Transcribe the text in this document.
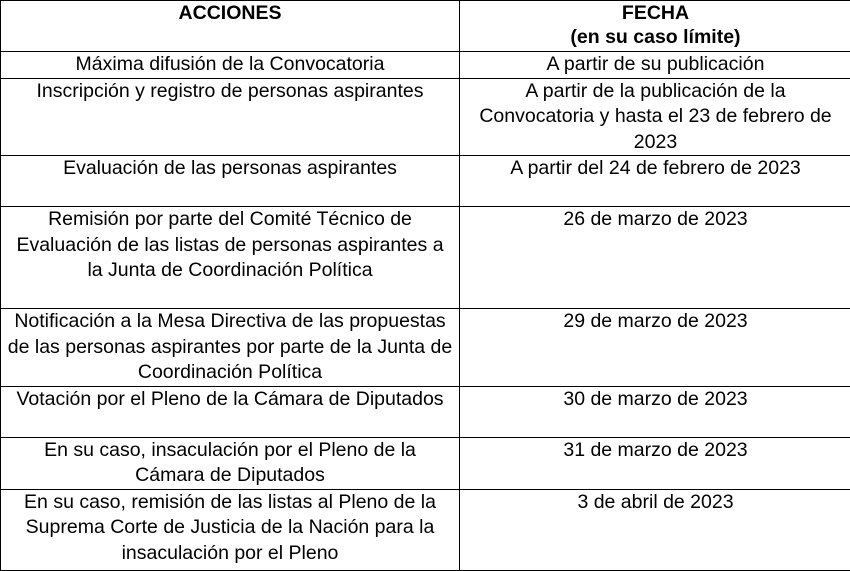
ACCIONES	FECHA
(en su caso límite)

Máxima difusión de la Convocatoria	A partir de su publicación
Inscripción y registro de personas aspirantes	A partir de la publicación de la Convocatoria y hasta el 23 de febrero de 2023
Evaluación de las personas aspirantes	A partir del 24 de febrero de 2023
Remisión por parte del Comité Técnico de Evaluación de las listas de personas aspirantes a la Junta de Coordinación Política	26 de marzo de 2023
Notificación a la Mesa Directiva de las propuestas de las personas aspirantes por parte de la Junta de Coordinación Política	29 de marzo de 2023
Votación por el Pleno de la Cámara de Diputados	30 de marzo de 2023
En su caso, insaculación por el Pleno de la Cámara de Diputados	31 de marzo de 2023
En su caso, remisión de las listas al Pleno de la Suprema Corte de Justicia de la Nación para la insaculación por el Pleno	3 de abril de 2023
